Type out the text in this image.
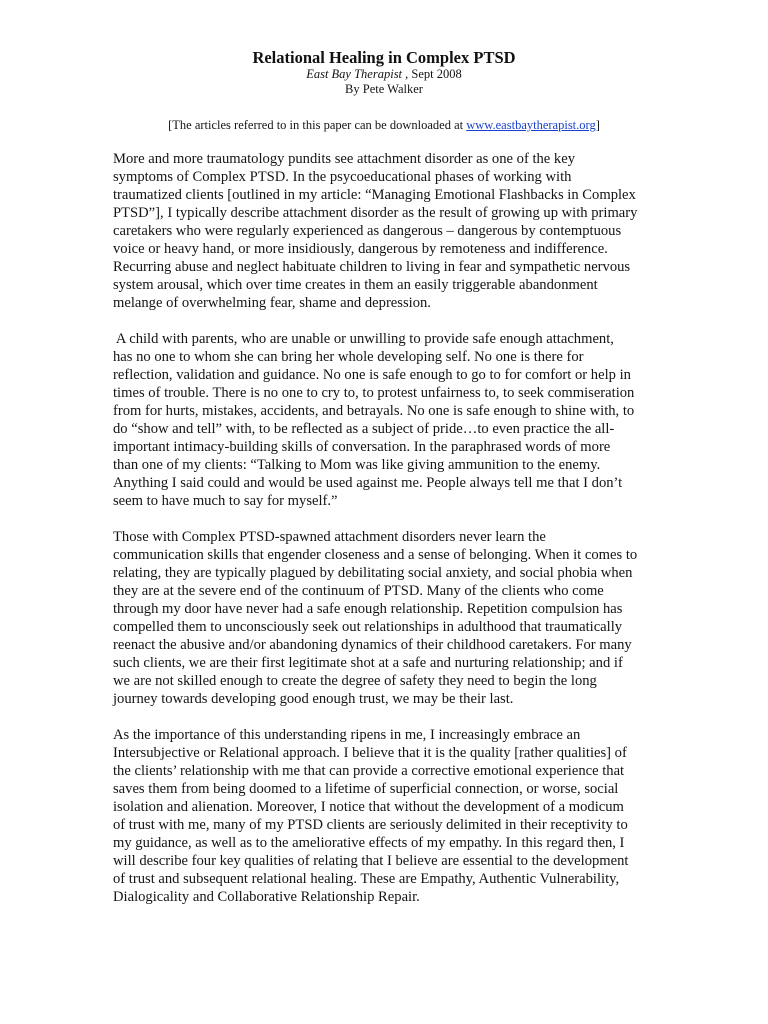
Relational Healing in Complex PTSD
East Bay Therapist , Sept 2008
By Pete Walker
[The articles referred to in this paper can be downloaded at www.eastbaytherapist.org]
More and more traumatology pundits see attachment disorder as one of the key
symptoms of Complex PTSD. In the psycoeducational phases of working with
traumatized clients [outlined in my article: “Managing Emotional Flashbacks in Complex
PTSD”], I typically describe attachment disorder as the result of growing up with primary
caretakers who were regularly experienced as dangerous – dangerous by contemptuous
voice or heavy hand, or more insidiously, dangerous by remoteness and indifference.
Recurring abuse and neglect habituate children to living in fear and sympathetic nervous
system arousal, which over time creates in them an easily triggerable abandonment
melange of overwhelming fear, shame and depression.
A child with parents, who are unable or unwilling to provide safe enough attachment,
has no one to whom she can bring her whole developing self. No one is there for
reflection, validation and guidance. No one is safe enough to go to for comfort or help in
times of trouble. There is no one to cry to, to protest unfairness to, to seek commiseration
from for hurts, mistakes, accidents, and betrayals. No one is safe enough to shine with, to
do “show and tell” with, to be reflected as a subject of pride…to even practice the all-
important intimacy-building skills of conversation. In the paraphrased words of more
than one of my clients: “Talking to Mom was like giving ammunition to the enemy.
Anything I said could and would be used against me. People always tell me that I don’t
seem to have much to say for myself.”
Those with Complex PTSD-spawned attachment disorders never learn the
communication skills that engender closeness and a sense of belonging. When it comes to
relating, they are typically plagued by debilitating social anxiety, and social phobia when
they are at the severe end of the continuum of PTSD. Many of the clients who come
through my door have never had a safe enough relationship. Repetition compulsion has
compelled them to unconsciously seek out relationships in adulthood that traumatically
reenact the abusive and/or abandoning dynamics of their childhood caretakers. For many
such clients, we are their first legitimate shot at a safe and nurturing relationship; and if
we are not skilled enough to create the degree of safety they need to begin the long
journey towards developing good enough trust, we may be their last.
As the importance of this understanding ripens in me, I increasingly embrace an
Intersubjective or Relational approach. I believe that it is the quality [rather qualities] of
the clients’ relationship with me that can provide a corrective emotional experience that
saves them from being doomed to a lifetime of superficial connection, or worse, social
isolation and alienation. Moreover, I notice that without the development of a modicum
of trust with me, many of my PTSD clients are seriously delimited in their receptivity to
my guidance, as well as to the ameliorative effects of my empathy. In this regard then, I
will describe four key qualities of relating that I believe are essential to the development
of trust and subsequent relational healing. These are Empathy, Authentic Vulnerability,
Dialogicality and Collaborative Relationship Repair.
